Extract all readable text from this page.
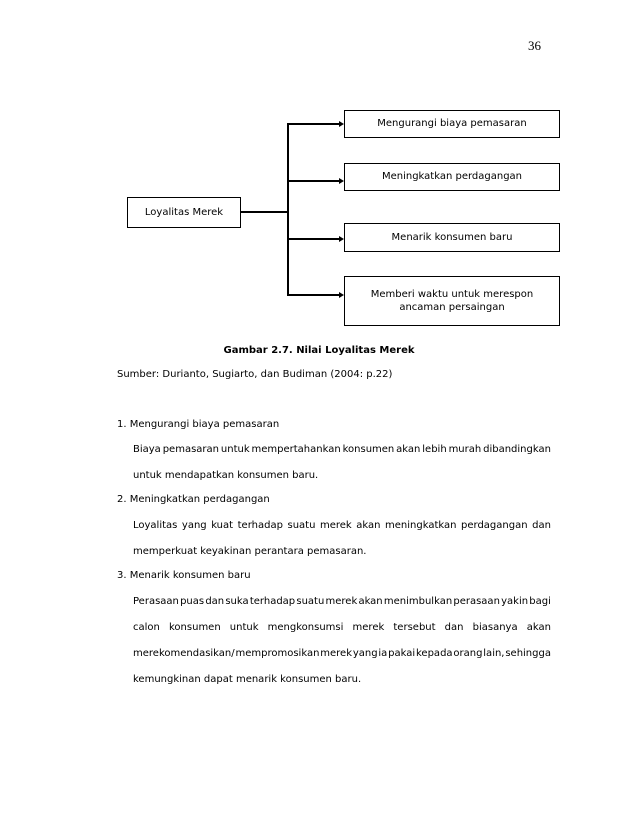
36
Loyalitas Merek
Mengurangi biaya pemasaran
Meningkatkan perdagangan
Menarik konsumen baru
Memberi waktu untuk merespon ancaman persaingan
Gambar 2.7. Nilai Loyalitas Merek
Sumber: Durianto, Sugiarto, dan Budiman (2004: p.22)
1. Mengurangi biaya pemasaran
Biaya pemasaran untuk mempertahankan konsumen akan lebih murah dibandingkan
untuk mendapatkan konsumen baru.
2. Meningkatkan perdagangan
Loyalitas yang kuat terhadap suatu merek akan meningkatkan perdagangan dan
memperkuat keyakinan perantara pemasaran.
3. Menarik konsumen baru
Perasaan puas dan suka terhadap suatu merek akan menimbulkan perasaan yakin bagi
calon konsumen untuk mengkonsumsi merek tersebut dan biasanya akan
merekomendasikan/ mempromosikan merek yang ia pakai kepada orang lain, sehingga
kemungkinan dapat menarik konsumen baru.
